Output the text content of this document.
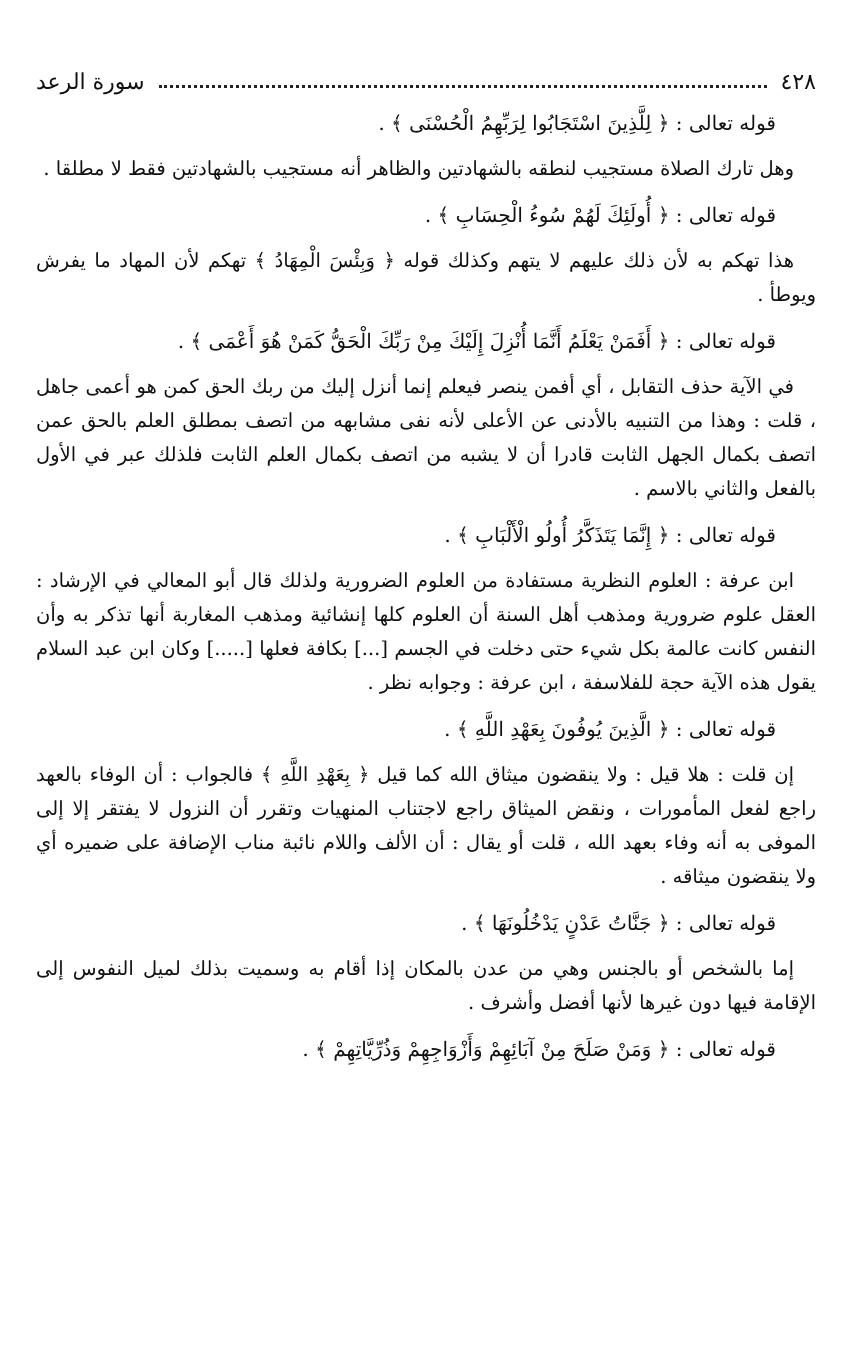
سورة الرعد	٤٢٨
قوله تعالى : ﴿ لِلَّذِينَ اسْتَجَابُوا لِرَبِّهِمُ الْحُسْنَى ﴾ .
وهل تارك الصلاة مستجيب لنطقه بالشهادتين والظاهر أنه مستجيب بالشهادتين فقط لا مطلقا .
قوله تعالى : ﴿ أُولَئِكَ لَهُمْ سُوءُ الْحِسَابِ ﴾ .
هذا تهكم به لأن ذلك عليهم لا يتهم وكذلك قوله ﴿ وَبِئْسَ الْمِهَادُ ﴾ تهكم لأن المهاد ما يفرش ويوطأ .
قوله تعالى : ﴿ أَفَمَنْ يَعْلَمُ أَنَّمَا أُنْزِلَ إِلَيْكَ مِنْ رَبِّكَ الْحَقُّ كَمَنْ هُوَ أَعْمَى ﴾ .
في الآية حذف التقابل ، أي أفمن ينصر فيعلم إنما أنزل إليك من ربك الحق كمن هو أعمى جاهل ، قلت : وهذا من التنبيه بالأدنى عن الأعلى لأنه نفى مشابهه من اتصف بمطلق العلم بالحق عمن اتصف بكمال الجهل الثابت قادرا أن لا يشبه من اتصف بكمال العلم الثابت فلذلك عبر في الأول بالفعل والثاني بالاسم .
قوله تعالى : ﴿ إِنَّمَا يَتَذَكَّرُ أُولُو الْأَلْبَابِ ﴾ .
ابن عرفة : العلوم النظرية مستفادة من العلوم الضرورية ولذلك قال أبو المعالي في الإرشاد : العقل علوم ضرورية ومذهب أهل السنة أن العلوم كلها إنشائية ومذهب المغاربة أنها تذكر به وأن النفس كانت عالمة بكل شيء حتى دخلت في الجسم [...] بكافة فعلها [.....] وكان ابن عبد السلام يقول هذه الآية حجة للفلاسفة ، ابن عرفة : وجوابه نظر .
قوله تعالى : ﴿ الَّذِينَ يُوفُونَ بِعَهْدِ اللَّهِ ﴾ .
إن قلت : هلا قيل : ولا ينقضون ميثاق الله كما قيل ﴿ بِعَهْدِ اللَّهِ ﴾ فالجواب : أن الوفاء بالعهد راجع لفعل المأمورات ، ونقض الميثاق راجع لاجتناب المنهيات وتقرر أن النزول لا يفتقر إلا إلى الموفى به أنه وفاء بعهد الله ، قلت أو يقال : أن الألف واللام نائبة مناب الإضافة على ضميره أي ولا ينقضون ميثاقه .
قوله تعالى : ﴿ جَنَّاتُ عَدْنٍ يَدْخُلُونَهَا ﴾ .
إما بالشخص أو بالجنس وهي من عدن بالمكان إذا أقام به وسميت بذلك لميل النفوس إلى الإقامة فيها دون غيرها لأنها أفضل وأشرف .
قوله تعالى : ﴿ وَمَنْ صَلَحَ مِنْ آبَائِهِمْ وَأَزْوَاجِهِمْ وَذُرِّيَّاتِهِمْ ﴾ .
